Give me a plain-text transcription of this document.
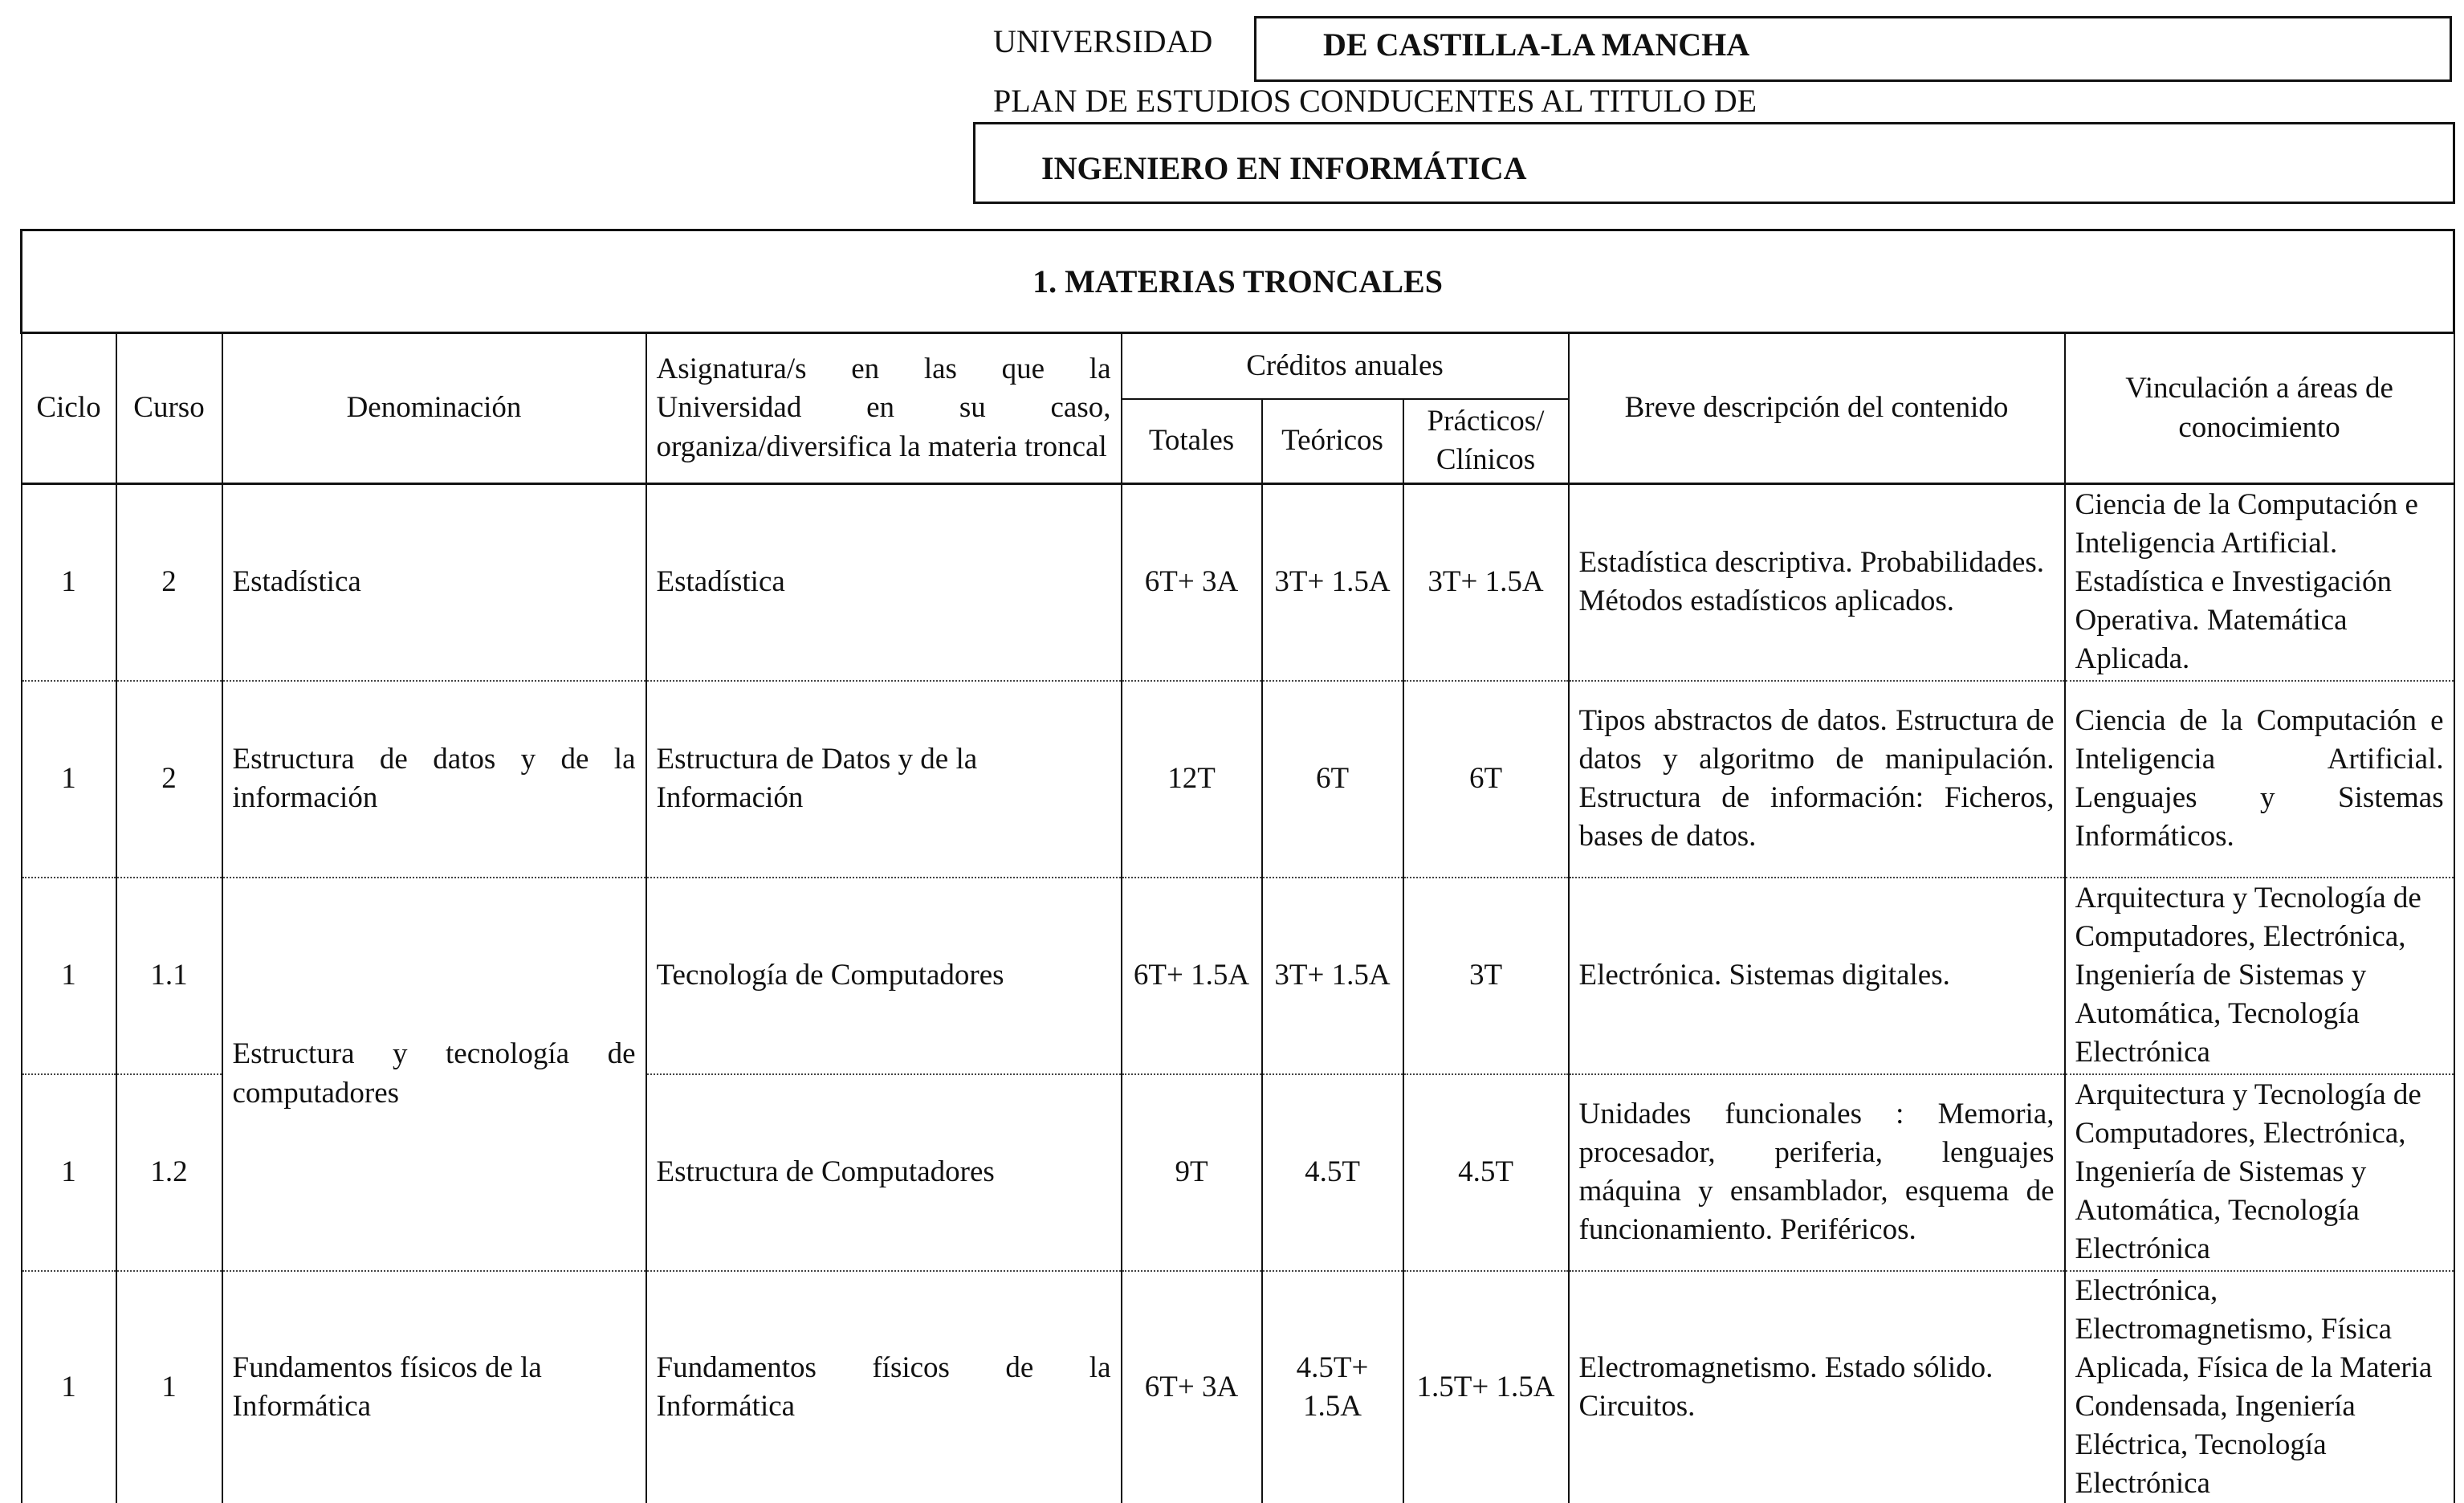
UNIVERSIDAD	DE CASTILLA-LA MANCHA
PLAN DE ESTUDIOS CONDUCENTES AL TITULO DE
INGENIERO EN INFORMÁTICA
1. MATERIAS TRONCALES								
Ciclo	Curso	Denominación	Asignatura/s en las que la Universidad en su caso, organiza/diversifica la materia troncal	Créditos anuales			Breve descripción del contenido	Vinculación a áreas de conocimiento
				Totales	Teóricos	Prácticos/ Clínicos		
1	2	Estadística	Estadística	6T+ 3A	3T+ 1.5A	3T+ 1.5A	Estadística descriptiva. Probabilidades. Métodos estadísticos aplicados.	Ciencia de la Computación e Inteligencia Artificial. Estadística e Investigación Operativa. Matemática Aplicada.
1	2	Estructura de datos y de la información	Estructura de Datos y de la Información	12T	6T	6T	Tipos abstractos de datos. Estructura de datos y algoritmo de manipulación. Estructura de información: Ficheros, bases de datos.	Ciencia de la Computación e Inteligencia Artificial. Lenguajes y Sistemas Informáticos.
1	1.1	Estructura y tecnología de computadores	Tecnología de Computadores	6T+ 1.5A	3T+ 1.5A	3T	Electrónica. Sistemas digitales.	Arquitectura y Tecnología de Computadores, Electrónica, Ingeniería de Sistemas y Automática, Tecnología Electrónica
1	1.2		Estructura de Computadores	9T	4.5T	4.5T	Unidades funcionales : Memoria, procesador, periferia, lenguajes máquina y ensamblador, esquema de funcionamiento. Periféricos.	Arquitectura y Tecnología de Computadores, Electrónica, Ingeniería de Sistemas y Automática, Tecnología Electrónica
1	1	Fundamentos físicos de la Informática	Fundamentos físicos de la Informática	6T+ 3A	4.5T+ 1.5A	1.5T+ 1.5A	Electromagnetismo. Estado sólido. Circuitos.	Electrónica, Electromagnetismo, Física Aplicada, Física de la Materia Condensada, Ingeniería Eléctrica, Tecnología Electrónica
